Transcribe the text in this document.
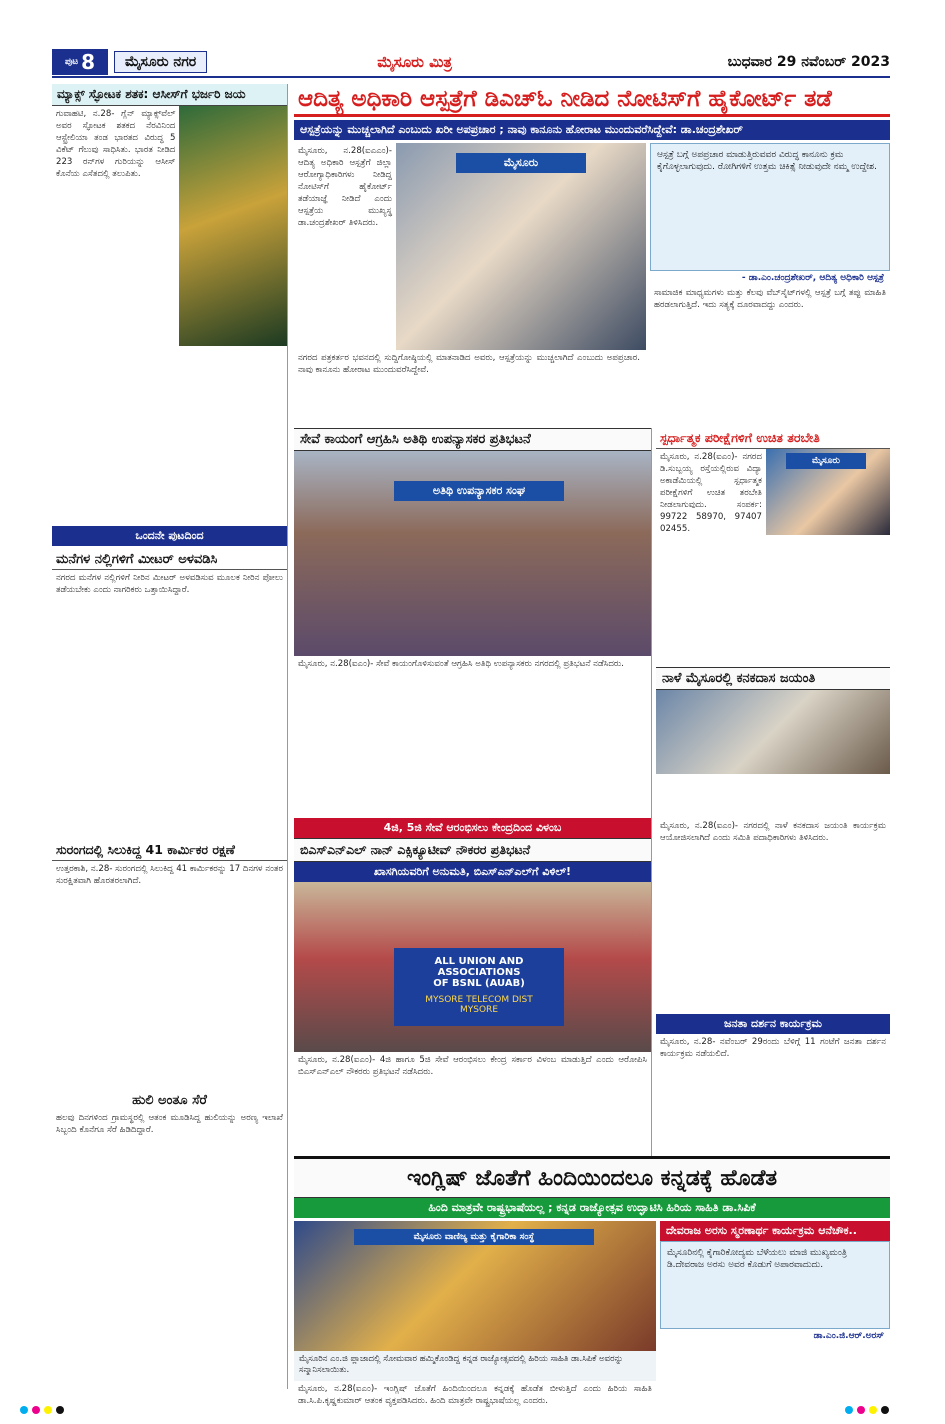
ಪುಟ 8	ಮೈಸೂರು ನಗರ	ಮೈಸೂರು ಮಿತ್ರ	ಬುಧವಾರ 29 ನವೆಂಬರ್ 2023
ಮ್ಯಾಕ್ಸ್ ಸ್ಫೋಟಕ ಶತಕ: ಆಸೀಸ್‌ಗೆ ಭರ್ಜರಿ ಜಯ
ಗುವಾಹಟಿ, ನ.28- ಗ್ಲೆನ್ ಮ್ಯಾಕ್ಸ್‌ವೆಲ್ ಅವರ ಸ್ಫೋಟಕ ಶತಕದ ನೆರವಿನಿಂದ ಆಸ್ಟ್ರೇಲಿಯಾ ತಂಡ ಭಾರತದ ವಿರುದ್ಧ 5 ವಿಕೆಟ್ ಗೆಲುವು ಸಾಧಿಸಿತು. ಭಾರತ ನೀಡಿದ 223 ರನ್‌ಗಳ ಗುರಿಯನ್ನು ಆಸೀಸ್ ಕೊನೆಯ ಎಸೆತದಲ್ಲಿ ತಲುಪಿತು.
ಒಂದನೇ ಪುಟದಿಂದ
ಮನೆಗಳ ನಲ್ಲಿಗಳಿಗೆ ಮೀಟರ್ ಅಳವಡಿಸಿ
ನಗರದ ಮನೆಗಳ ನಲ್ಲಿಗಳಿಗೆ ನೀರಿನ ಮೀಟರ್ ಅಳವಡಿಸುವ ಮೂಲಕ ನೀರಿನ ಪೋಲು ತಡೆಯಬೇಕು ಎಂದು ನಾಗರಿಕರು ಒತ್ತಾಯಿಸಿದ್ದಾರೆ.
ಸುರಂಗದಲ್ಲಿ ಸಿಲುಕಿದ್ದ 41 ಕಾರ್ಮಿಕರ ರಕ್ಷಣೆ
ಉತ್ತರಕಾಶಿ, ನ.28- ಸುರಂಗದಲ್ಲಿ ಸಿಲುಕಿದ್ದ 41 ಕಾರ್ಮಿಕರನ್ನು 17 ದಿನಗಳ ನಂತರ ಸುರಕ್ಷಿತವಾಗಿ ಹೊರತರಲಾಗಿದೆ.
ಹುಲಿ ಅಂತೂ ಸೆರೆ
ಹಲವು ದಿನಗಳಿಂದ ಗ್ರಾಮಸ್ಥರಲ್ಲಿ ಆತಂಕ ಮೂಡಿಸಿದ್ದ ಹುಲಿಯನ್ನು ಅರಣ್ಯ ಇಲಾಖೆ ಸಿಬ್ಬಂದಿ ಕೊನೆಗೂ ಸೆರೆ ಹಿಡಿದಿದ್ದಾರೆ.
ಆದಿತ್ಯ ಅಧಿಕಾರಿ ಆಸ್ಪತ್ರೆಗೆ ಡಿಎಚ್‌ಓ ನೀಡಿದ ನೋಟಿಸ್‌ಗೆ ಹೈಕೋರ್ಟ್ ತಡೆ
ಆಸ್ಪತ್ರೆಯನ್ನು ಮುಚ್ಚಲಾಗಿದೆ ಎಂಬುದು ಖರೀ ಅಪಪ್ರಚಾರ ; ನಾವು ಕಾನೂನು ಹೋರಾಟ ಮುಂದುವರೆಸಿದ್ದೇವೆ: ಡಾ.ಚಂದ್ರಶೇಖರ್
ಮೈಸೂರು, ನ.28(ಐಎಎಂ)- ಆದಿತ್ಯ ಅಧಿಕಾರಿ ಆಸ್ಪತ್ರೆಗೆ ಜಿಲ್ಲಾ ಆರೋಗ್ಯಾಧಿಕಾರಿಗಳು ನೀಡಿದ್ದ ನೋಟಿಸ್‌ಗೆ ಹೈಕೋರ್ಟ್ ತಡೆಯಾಜ್ಞೆ ನೀಡಿದೆ ಎಂದು ಆಸ್ಪತ್ರೆಯ ಮುಖ್ಯಸ್ಥ ಡಾ.ಚಂದ್ರಶೇಖರ್ ತಿಳಿಸಿದರು.
ಮೈಸೂರು
ಆಸ್ಪತ್ರೆ ಬಗ್ಗೆ ಅಪಪ್ರಚಾರ ಮಾಡುತ್ತಿರುವವರ ವಿರುದ್ಧ ಕಾನೂನು ಕ್ರಮ ಕೈಗೊಳ್ಳಲಾಗುವುದು. ರೋಗಿಗಳಿಗೆ ಉತ್ತಮ ಚಿಕಿತ್ಸೆ ನೀಡುವುದೇ ನಮ್ಮ ಉದ್ದೇಶ.
- ಡಾ.ಎಂ.ಚಂದ್ರಶೇಖರ್, ಆದಿತ್ಯ ಅಧಿಕಾರಿ ಆಸ್ಪತ್ರೆ
ಸಾಮಾಜಿಕ ಮಾಧ್ಯಮಗಳು ಮತ್ತು ಕೆಲವು ವೆಬ್‌ಸೈಟ್‌ಗಳಲ್ಲಿ ಆಸ್ಪತ್ರೆ ಬಗ್ಗೆ ತಪ್ಪು ಮಾಹಿತಿ ಹರಡಲಾಗುತ್ತಿದೆ. ಇದು ಸತ್ಯಕ್ಕೆ ದೂರವಾದದ್ದು ಎಂದರು.
ನಗರದ ಪತ್ರಕರ್ತರ ಭವನದಲ್ಲಿ ಸುದ್ದಿಗೋಷ್ಠಿಯಲ್ಲಿ ಮಾತನಾಡಿದ ಅವರು, ಆಸ್ಪತ್ರೆಯನ್ನು ಮುಚ್ಚಲಾಗಿದೆ ಎಂಬುದು ಅಪಪ್ರಚಾರ. ನಾವು ಕಾನೂನು ಹೋರಾಟ ಮುಂದುವರೆಸಿದ್ದೇವೆ.
ಸೇವೆ ಕಾಯಂಗೆ ಆಗ್ರಹಿಸಿ ಅತಿಥಿ ಉಪನ್ಯಾಸಕರ ಪ್ರತಿಭಟನೆ
ಅತಿಥಿ ಉಪನ್ಯಾಸಕರ ಸಂಘ
ಮೈಸೂರು, ನ.28(ಐಎಂ)- ಸೇವೆ ಕಾಯಂಗೊಳಿಸುವಂತೆ ಆಗ್ರಹಿಸಿ ಅತಿಥಿ ಉಪನ್ಯಾಸಕರು ನಗರದಲ್ಲಿ ಪ್ರತಿಭಟನೆ ನಡೆಸಿದರು.
ಸ್ಪರ್ಧಾತ್ಮಕ ಪರೀಕ್ಷೆಗಳಿಗೆ ಉಚಿತ ತರಬೇತಿ
ಮೈಸೂರು, ನ.28(ಐಎಂ)- ನಗರದ ಡಿ.ಸುಬ್ಬಯ್ಯ ರಸ್ತೆಯಲ್ಲಿರುವ ವಿದ್ಯಾ ಅಕಾಡೆಮಿಯಲ್ಲಿ ಸ್ಪರ್ಧಾತ್ಮಕ ಪರೀಕ್ಷೆಗಳಿಗೆ ಉಚಿತ ತರಬೇತಿ ನೀಡಲಾಗುವುದು. ಸಂಪರ್ಕ: 99722 58970, 97407 02455.
ಮೈಸೂರು
ನಾಳೆ ಮೈಸೂರಲ್ಲಿ ಕನಕದಾಸ ಜಯಂತಿ
4ಜಿ, 5ಜಿ ಸೇವೆ ಆರಂಭಿಸಲು ಕೇಂದ್ರದಿಂದ ವಿಳಂಬ
ಬಿಎಸ್‌ಎನ್‌ಎಲ್ ನಾನ್ ಎಕ್ಸಿಕ್ಯೂಟೀವ್ ನೌಕರರ ಪ್ರತಿಭಟನೆ
ಖಾಸಗಿಯವರಿಗೆ ಅನುಮತಿ, ಬಿಎಸ್‌ಎನ್‌ಎಲ್‌ಗೆ ವಿಳಿಲ್!
ALL UNION AND ASSOCIATIONS
OF BSNL (AUAB)
MYSORE TELECOM DIST
MYSORE
ಮೈಸೂರು, ನ.28(ಐಎಂ)- 4ಜಿ ಹಾಗೂ 5ಜಿ ಸೇವೆ ಆರಂಭಿಸಲು ಕೇಂದ್ರ ಸರ್ಕಾರ ವಿಳಂಬ ಮಾಡುತ್ತಿದೆ ಎಂದು ಆರೋಪಿಸಿ ಬಿಎಸ್‌ಎನ್‌ಎಲ್ ನೌಕರರು ಪ್ರತಿಭಟನೆ ನಡೆಸಿದರು.
ಮೈಸೂರು, ನ.28(ಐಎಂ)- ನಗರದಲ್ಲಿ ನಾಳೆ ಕನಕದಾಸ ಜಯಂತಿ ಕಾರ್ಯಕ್ರಮ ಆಯೋಜಿಸಲಾಗಿದೆ ಎಂದು ಸಮಿತಿ ಪದಾಧಿಕಾರಿಗಳು ತಿಳಿಸಿದರು.
ಜನತಾ ದರ್ಶನ ಕಾರ್ಯಕ್ರಮ
ಮೈಸೂರು, ನ.28- ನವೆಂಬರ್ 29ರಂದು ಬೆಳಿಗ್ಗೆ 11 ಗಂಟೆಗೆ ಜನತಾ ದರ್ಶನ ಕಾರ್ಯಕ್ರಮ ನಡೆಯಲಿದೆ.
ಇಂಗ್ಲಿಷ್ ಜೊತೆಗೆ ಹಿಂದಿಯಿಂದಲೂ ಕನ್ನಡಕ್ಕೆ ಹೊಡೆತ
ಹಿಂದಿ ಮಾತ್ರವೇ ರಾಷ್ಟ್ರಭಾಷೆಯಲ್ಲ ; ಕನ್ನಡ ರಾಜ್ಯೋತ್ಸವ ಉದ್ಘಾಟಿಸಿ ಹಿರಿಯ ಸಾಹಿತಿ ಡಾ.ಸಿಪಿಕೆ
ಮೈಸೂರು ವಾಣಿಜ್ಯ ಮತ್ತು ಕೈಗಾರಿಕಾ ಸಂಸ್ಥೆ
ಮೈಸೂರಿನ ಎಂ.ಜಿ ಪ್ಲಾಜಾದಲ್ಲಿ ಸೋಮವಾರ ಹಮ್ಮಿಕೊಂಡಿದ್ದ ಕನ್ನಡ ರಾಜ್ಯೋತ್ಸವದಲ್ಲಿ ಹಿರಿಯ ಸಾಹಿತಿ ಡಾ.ಸಿಪಿಕೆ ಅವರನ್ನು ಸನ್ಮಾನಿಸಲಾಯಿತು.
ಮೈಸೂರು, ನ.28(ಐಎಂ)- ಇಂಗ್ಲಿಷ್ ಜೊತೆಗೆ ಹಿಂದಿಯಿಂದಲೂ ಕನ್ನಡಕ್ಕೆ ಹೊಡೆತ ಬೀಳುತ್ತಿದೆ ಎಂದು ಹಿರಿಯ ಸಾಹಿತಿ ಡಾ.ಸಿ.ಪಿ.ಕೃಷ್ಣಕುಮಾರ್ ಆತಂಕ ವ್ಯಕ್ತಪಡಿಸಿದರು. ಹಿಂದಿ ಮಾತ್ರವೇ ರಾಷ್ಟ್ರಭಾಷೆಯಲ್ಲ ಎಂದರು.
ದೇವರಾಜ ಅರಸು ಸ್ಮರಣಾರ್ಥ ಕಾರ್ಯಕ್ರಮ ಆನೆಚೌಕ..
ಮೈಸೂರಿನಲ್ಲಿ ಕೈಗಾರಿಕೋದ್ಯಮ ಬೆಳೆಯಲು ಮಾಜಿ ಮುಖ್ಯಮಂತ್ರಿ ಡಿ.ದೇವರಾಜ ಅರಸು ಅವರ ಕೊಡುಗೆ ಅಪಾರವಾದುದು.
ಡಾ.ಎಂ.ಜಿ.ಆರ್.ಅರಸ್
